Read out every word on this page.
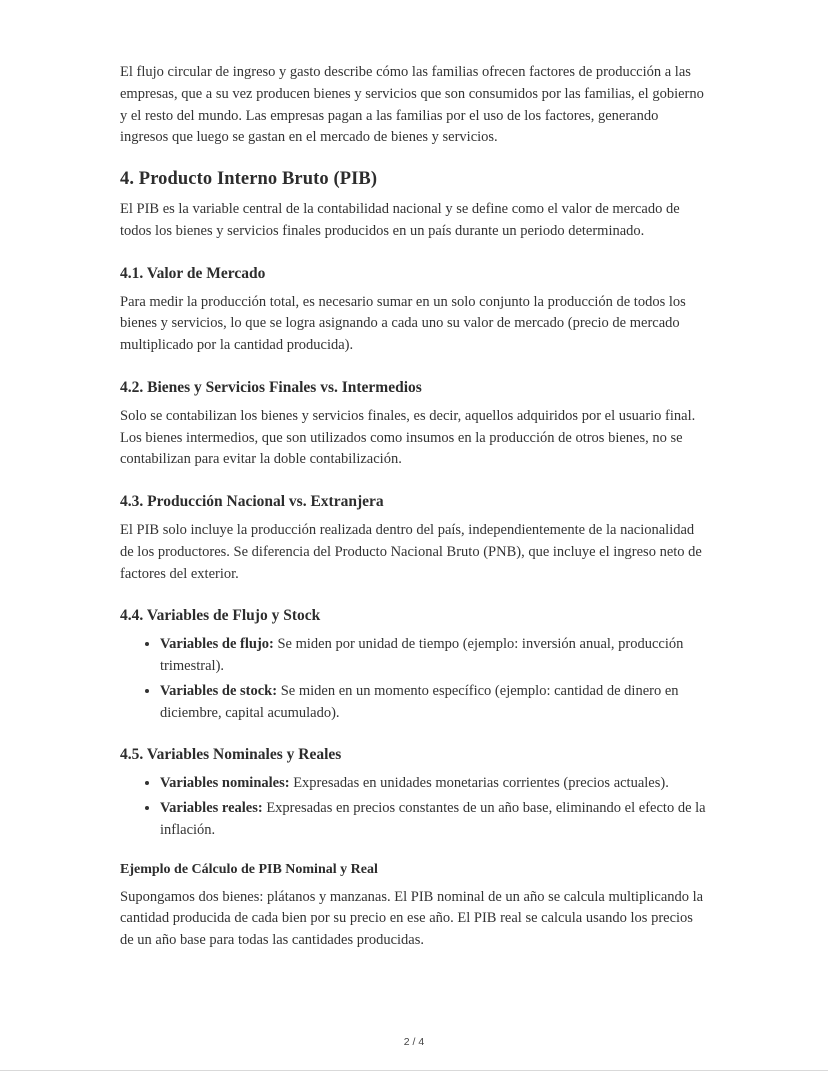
El flujo circular de ingreso y gasto describe cómo las familias ofrecen factores de producción a las empresas, que a su vez producen bienes y servicios que son consumidos por las familias, el gobierno y el resto del mundo. Las empresas pagan a las familias por el uso de los factores, generando ingresos que luego se gastan en el mercado de bienes y servicios.

4. Producto Interno Bruto (PIB)

El PIB es la variable central de la contabilidad nacional y se define como el valor de mercado de todos los bienes y servicios finales producidos en un país durante un periodo determinado.

4.1. Valor de Mercado

Para medir la producción total, es necesario sumar en un solo conjunto la producción de todos los bienes y servicios, lo que se logra asignando a cada uno su valor de mercado (precio de mercado multiplicado por la cantidad producida).

4.2. Bienes y Servicios Finales vs. Intermedios

Solo se contabilizan los bienes y servicios finales, es decir, aquellos adquiridos por el usuario final. Los bienes intermedios, que son utilizados como insumos en la producción de otros bienes, no se contabilizan para evitar la doble contabilización.

4.3. Producción Nacional vs. Extranjera

El PIB solo incluye la producción realizada dentro del país, independientemente de la nacionalidad de los productores. Se diferencia del Producto Nacional Bruto (PNB), que incluye el ingreso neto de factores del exterior.

4.4. Variables de Flujo y Stock
• Variables de flujo: Se miden por unidad de tiempo (ejemplo: inversión anual, producción trimestral).
• Variables de stock: Se miden en un momento específico (ejemplo: cantidad de dinero en diciembre, capital acumulado).
4.5. Variables Nominales y Reales
• Variables nominales: Expresadas en unidades monetarias corrientes (precios actuales).
• Variables reales: Expresadas en precios constantes de un año base, eliminando el efecto de la inflación.
Ejemplo de Cálculo de PIB Nominal y Real

Supongamos dos bienes: plátanos y manzanas. El PIB nominal de un año se calcula multiplicando la cantidad producida de cada bien por su precio en ese año. El PIB real se calcula usando los precios de un año base para todas las cantidades producidas.

2 / 4
